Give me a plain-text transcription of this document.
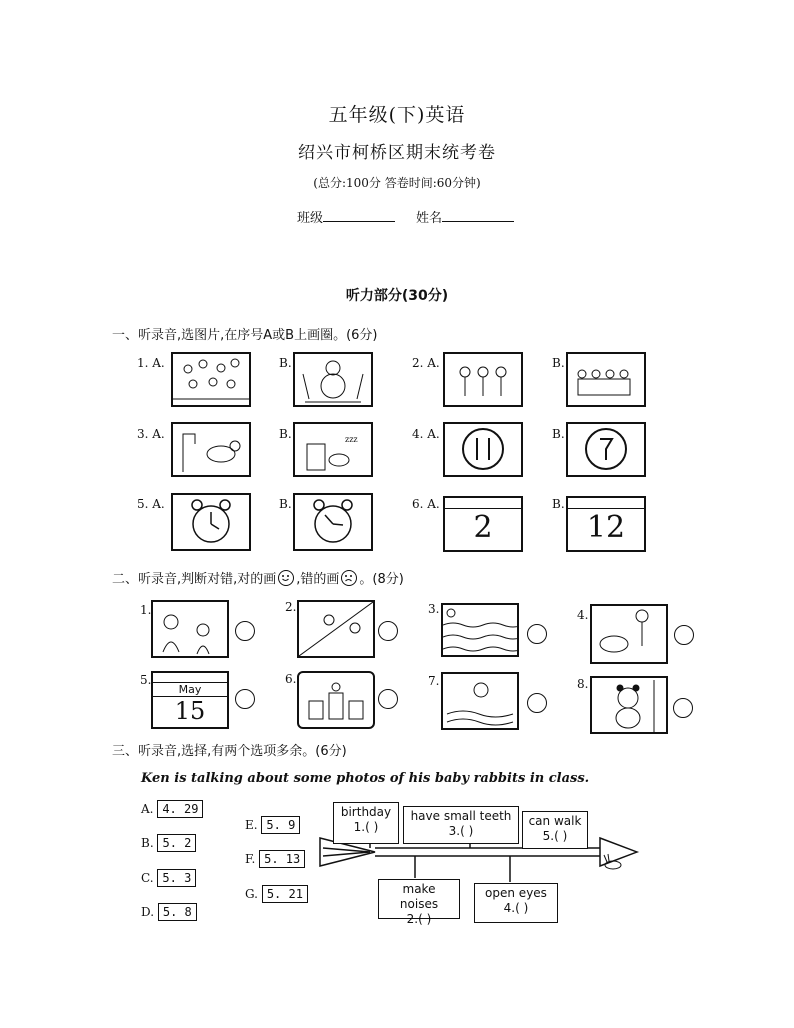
五年级(下)英语
绍兴市柯桥区期末统考卷
(总分:100分 答卷时间:60分钟)
班级	姓名
听力部分(30分)
一、听录音,选图片,在序号A或B上画圈。(6分)
1. A.	B.	2. A.	B.
3. A.	B.	zzz	4. A.	B.
5. A.	B.	6. A.
2
B.
12
二、听录音,判断对错,对的画 ,错的画 。(8分)
1.	2.	3.	4.
5.
May
15
6.	7.	8.
三、听录音,选择,有两个选项多余。(6分)
Ken is talking about some photos of his baby rabbits in class.
A. 4. 29
B. 5. 2
C. 5. 3
D. 5. 8
E. 5. 9
F. 5. 13
G. 5. 21
birthday
1.( )
have small teeth
3.( )
can walk
5.( )
make noises
2.( )
open eyes
4.( )
